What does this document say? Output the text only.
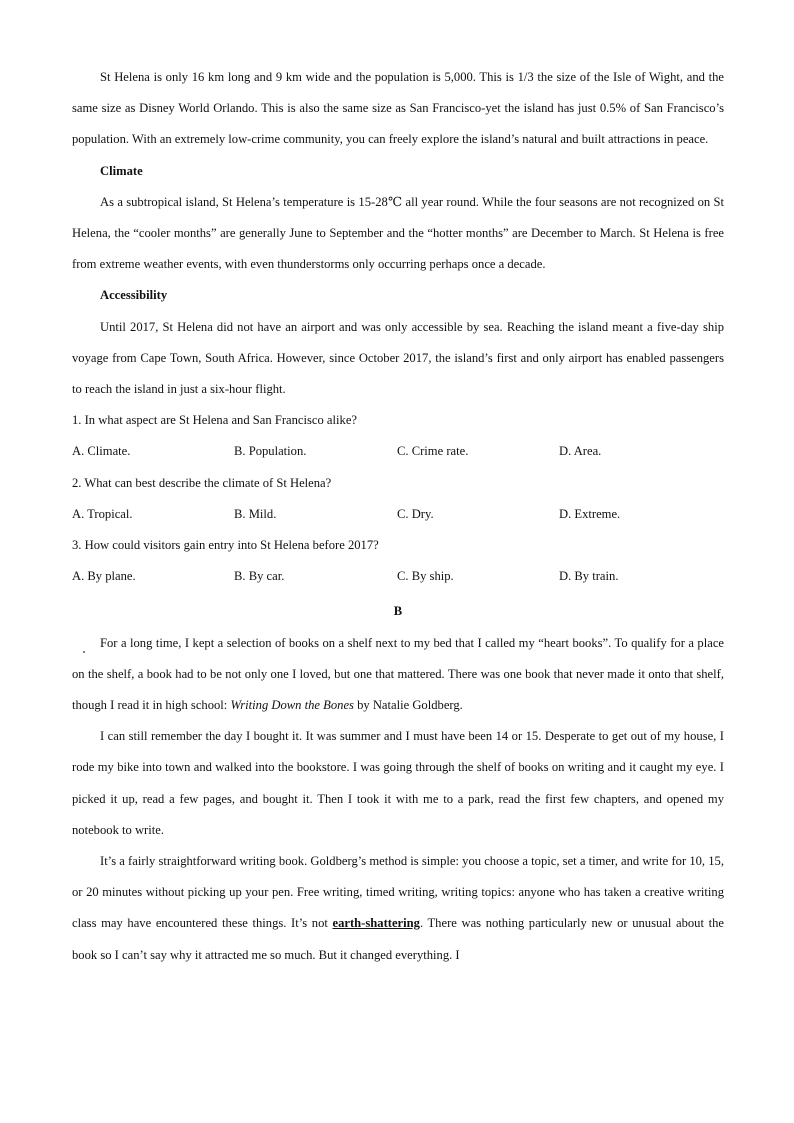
St Helena is only 16 km long and 9 km wide and the population is 5,000. This is 1/3 the size of the Isle of Wight, and the same size as Disney World Orlando. This is also the same size as San Francisco-yet the island has just 0.5% of San Francisco’s population. With an extremely low-crime community, you can freely explore the island’s natural and built attractions in peace.

Climate

As a subtropical island, St Helena’s temperature is 15-28℃ all year round. While the four seasons are not recognized on St Helena, the “cooler months” are generally June to September and the “hotter months” are December to March. St Helena is free from extreme weather events, with even thunderstorms only occurring perhaps once a decade.

Accessibility

Until 2017, St Helena did not have an airport and was only accessible by sea. Reaching the island meant a five-day ship voyage from Cape Town, South Africa. However, since October 2017, the island’s first and only airport has enabled passengers to reach the island in just a six-hour flight.

1. In what aspect are St Helena and San Francisco alike?

A. Climate.	B. Population.	C. Crime rate.	D. Area.

2. What can best describe the climate of St Helena?

A. Tropical.	B. Mild.	C. Dry.	D. Extreme.

3. How could visitors gain entry into St Helena before 2017?

A. By plane.	B. By car.	C. By ship.	D. By train.
B

For a long time, I kept a selection of books on a shelf next to my bed that I called my “heart books”. To qualify for a place on the shelf, a book had to be not only one I loved, but one that mattered. There was one book that never made it onto that shelf, though I read it in high school: Writing Down the Bones by Natalie Goldberg.

I can still remember the day I bought it. It was summer and I must have been 14 or 15. Desperate to get out of my house, I rode my bike into town and walked into the bookstore. I was going through the shelf of books on writing and it caught my eye. I picked it up, read a few pages, and bought it. Then I took it with me to a park, read the first few chapters, and opened my notebook to write.

It’s a fairly straightforward writing book. Goldberg’s method is simple: you choose a topic, set a timer, and write for 10, 15, or 20 minutes without picking up your pen. Free writing, timed writing, writing topics: anyone who has taken a creative writing class may have encountered these things. It’s not earth-shattering. There was nothing particularly new or unusual about the book so I can’t say why it attracted me so much. But it changed everything. I
